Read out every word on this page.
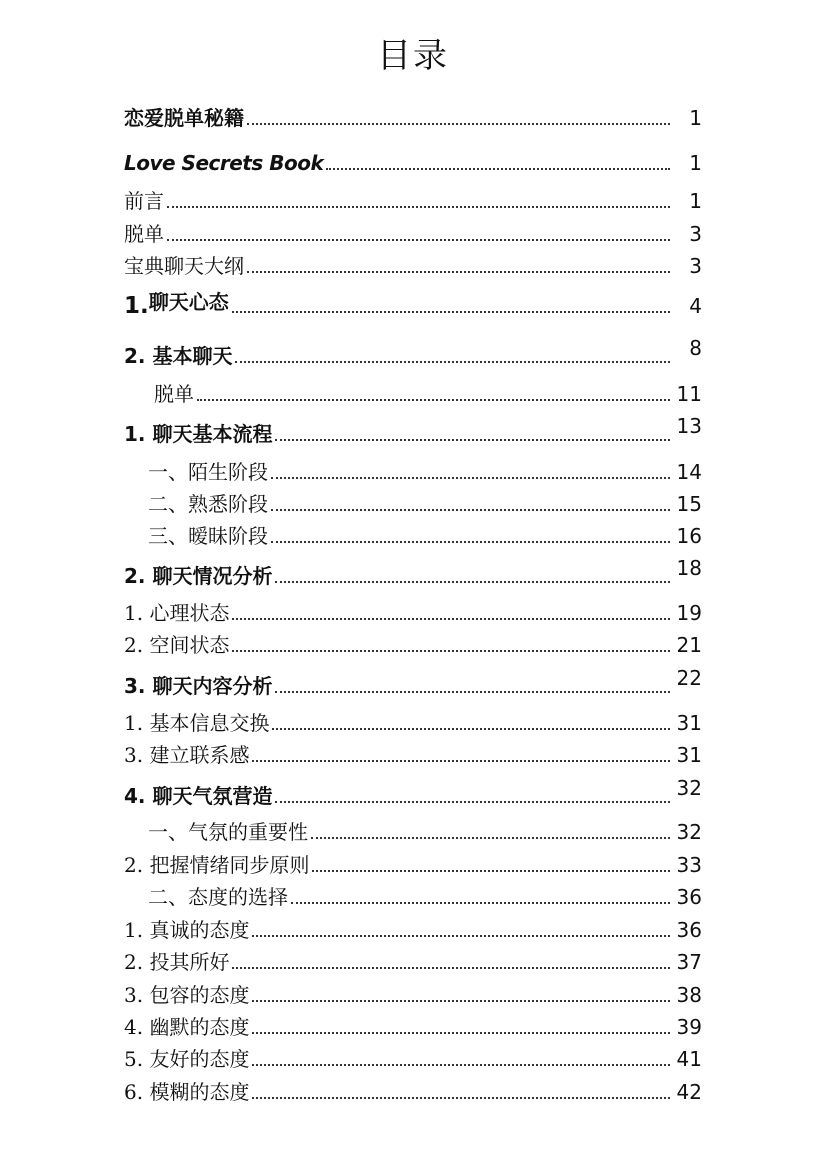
目录
恋爱脱单秘籍	1
Love Secrets Book	1
前言	1
脱单	3
宝典聊天大纲	3
1.聊天心态	4
2. 基本聊天	8
脱单	11
1. 聊天基本流程	13
一、陌生阶段	14
二、熟悉阶段	15
三、暧昧阶段	16
2. 聊天情况分析	18
1. 心理状态	19
2. 空间状态	21
3. 聊天内容分析	22
1. 基本信息交换	31
3. 建立联系感	31
4. 聊天气氛营造	32
一、气氛的重要性	32
2. 把握情绪同步原则	33
二、态度的选择	36
1. 真诚的态度	36
2. 投其所好	37
3. 包容的态度	38
4. 幽默的态度	39
5. 友好的态度	41
6. 模糊的态度	42
